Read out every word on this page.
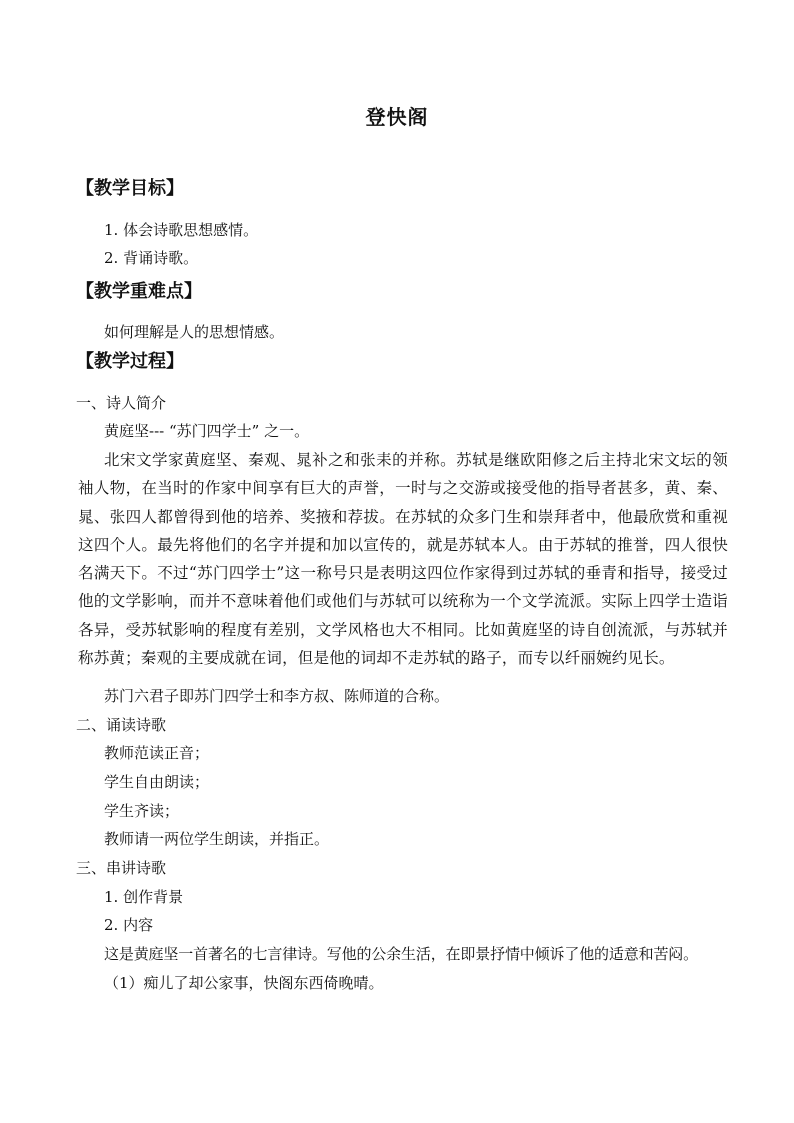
登快阁
【教学目标】
1. 体会诗歌思想感情。
2. 背诵诗歌。
【教学重难点】
如何理解是人的思想情感。
【教学过程】
一、诗人简介
黄庭坚--- “苏门四学士” 之一。
北宋文学家黄庭坚、秦观、晁补之和张耒的并称。苏轼是继欧阳修之后主持北宋文坛的领袖人物，在当时的作家中间享有巨大的声誉，一时与之交游或接受他的指导者甚多，黄、秦、晁、张四人都曾得到他的培养、奖掖和荐拔。在苏轼的众多门生和崇拜者中，他最欣赏和重视这四个人。最先将他们的名字并提和加以宣传的，就是苏轼本人。由于苏轼的推誉，四人很快名满天下。不过“苏门四学士”这一称号只是表明这四位作家得到过苏轼的垂青和指导，接受过他的文学影响，而并不意味着他们或他们与苏轼可以统称为一个文学流派。实际上四学士造诣各异，受苏轼影响的程度有差别，文学风格也大不相同。比如黄庭坚的诗自创流派，与苏轼并称苏黄；秦观的主要成就在词，但是他的词却不走苏轼的路子，而专以纤丽婉约见长。
苏门六君子即苏门四学士和李方叔、陈师道的合称。
二、诵读诗歌
教师范读正音；
学生自由朗读；
学生齐读；
教师请一两位学生朗读，并指正。
三、串讲诗歌
1. 创作背景
2. 内容
这是黄庭坚一首著名的七言律诗。写他的公余生活，在即景抒情中倾诉了他的适意和苦闷。
（1）痴儿了却公家事，快阁东西倚晚晴。
